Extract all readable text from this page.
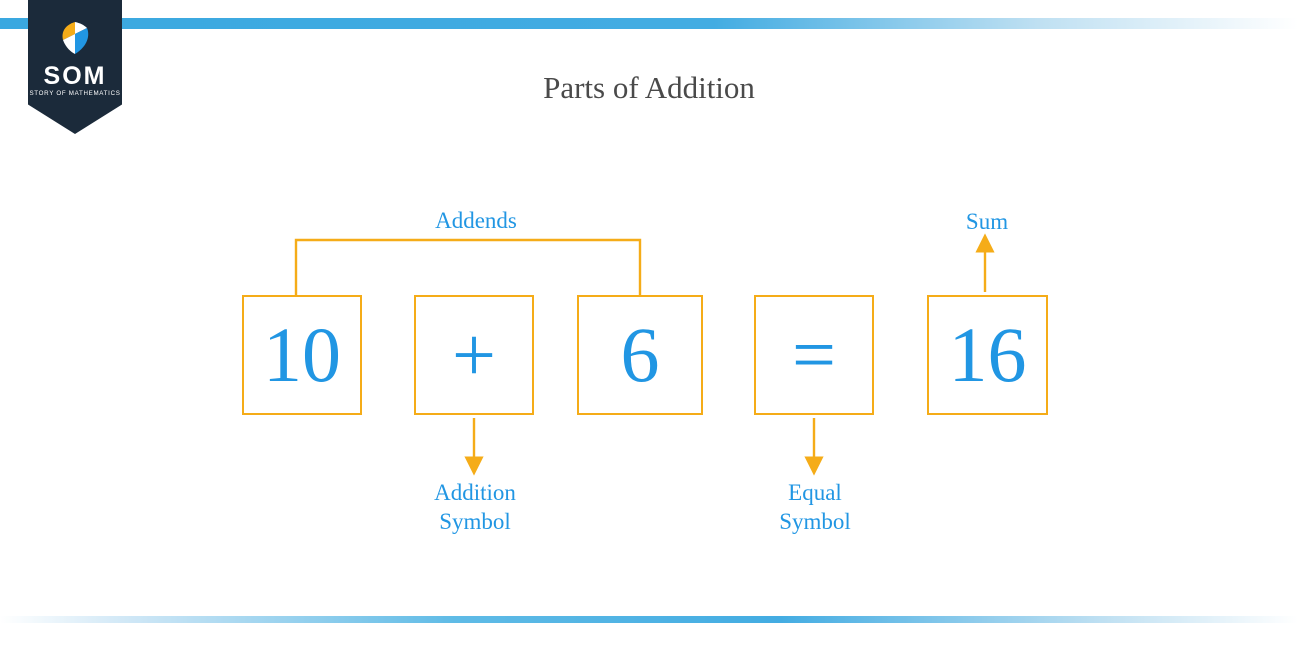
SOM
STORY OF MATHEMATICS	Parts of Addition
10	+	6	=	16
Addends	Sum
Addition
Symbol
Equal
Symbol
